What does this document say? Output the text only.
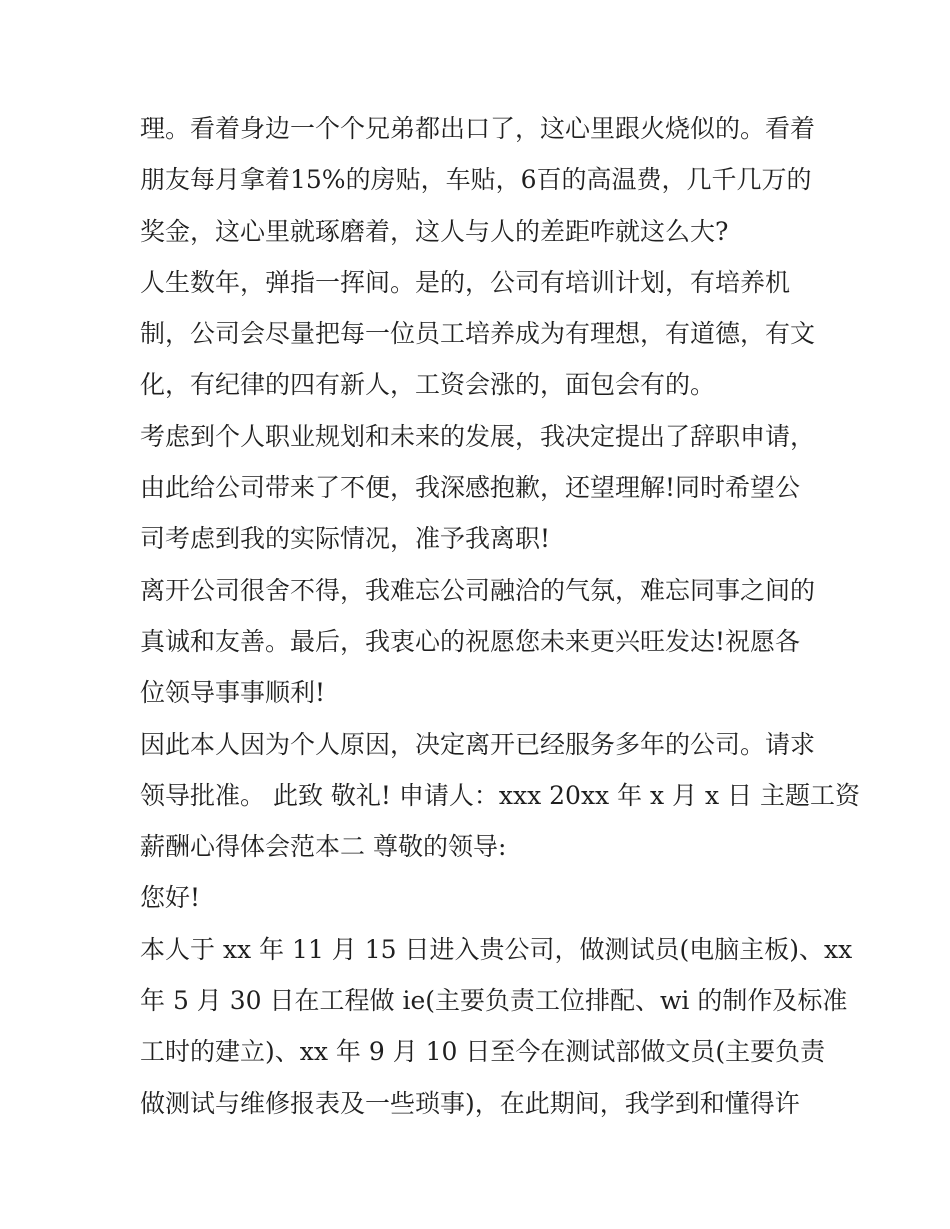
理。看着身边一个个兄弟都出口了，这心里跟火烧似的。看着
朋友每月拿着15%的房贴，车贴，6百的高温费，几千几万的
奖金，这心里就琢磨着，这人与人的差距咋就这么大?
人生数年，弹指一挥间。是的，公司有培训计划，有培养机
制，公司会尽量把每一位员工培养成为有理想，有道德，有文
化，有纪律的四有新人，工资会涨的，面包会有的。
考虑到个人职业规划和未来的发展，我决定提出了辞职申请，
由此给公司带来了不便，我深感抱歉，还望理解!同时希望公
司考虑到我的实际情况，准予我离职!
离开公司很舍不得，我难忘公司融洽的气氛，难忘同事之间的
真诚和友善。最后，我衷心的祝愿您未来更兴旺发达!祝愿各
位领导事事顺利!
因此本人因为个人原因，决定离开已经服务多年的公司。请求
领导批准。 此致 敬礼! 申请人：xxx 20xx 年 x 月 x 日 主题工资
薪酬心得体会范本二 尊敬的领导:
您好!
本人于 xx 年 11 月 15 日进入贵公司，做测试员(电脑主板)、xx
年 5 月 30 日在工程做 ie(主要负责工位排配、wi 的制作及标准
工时的建立)、xx 年 9 月 10 日至今在测试部做文员(主要负责
做测试与维修报表及一些琐事)，在此期间，我学到和懂得许
